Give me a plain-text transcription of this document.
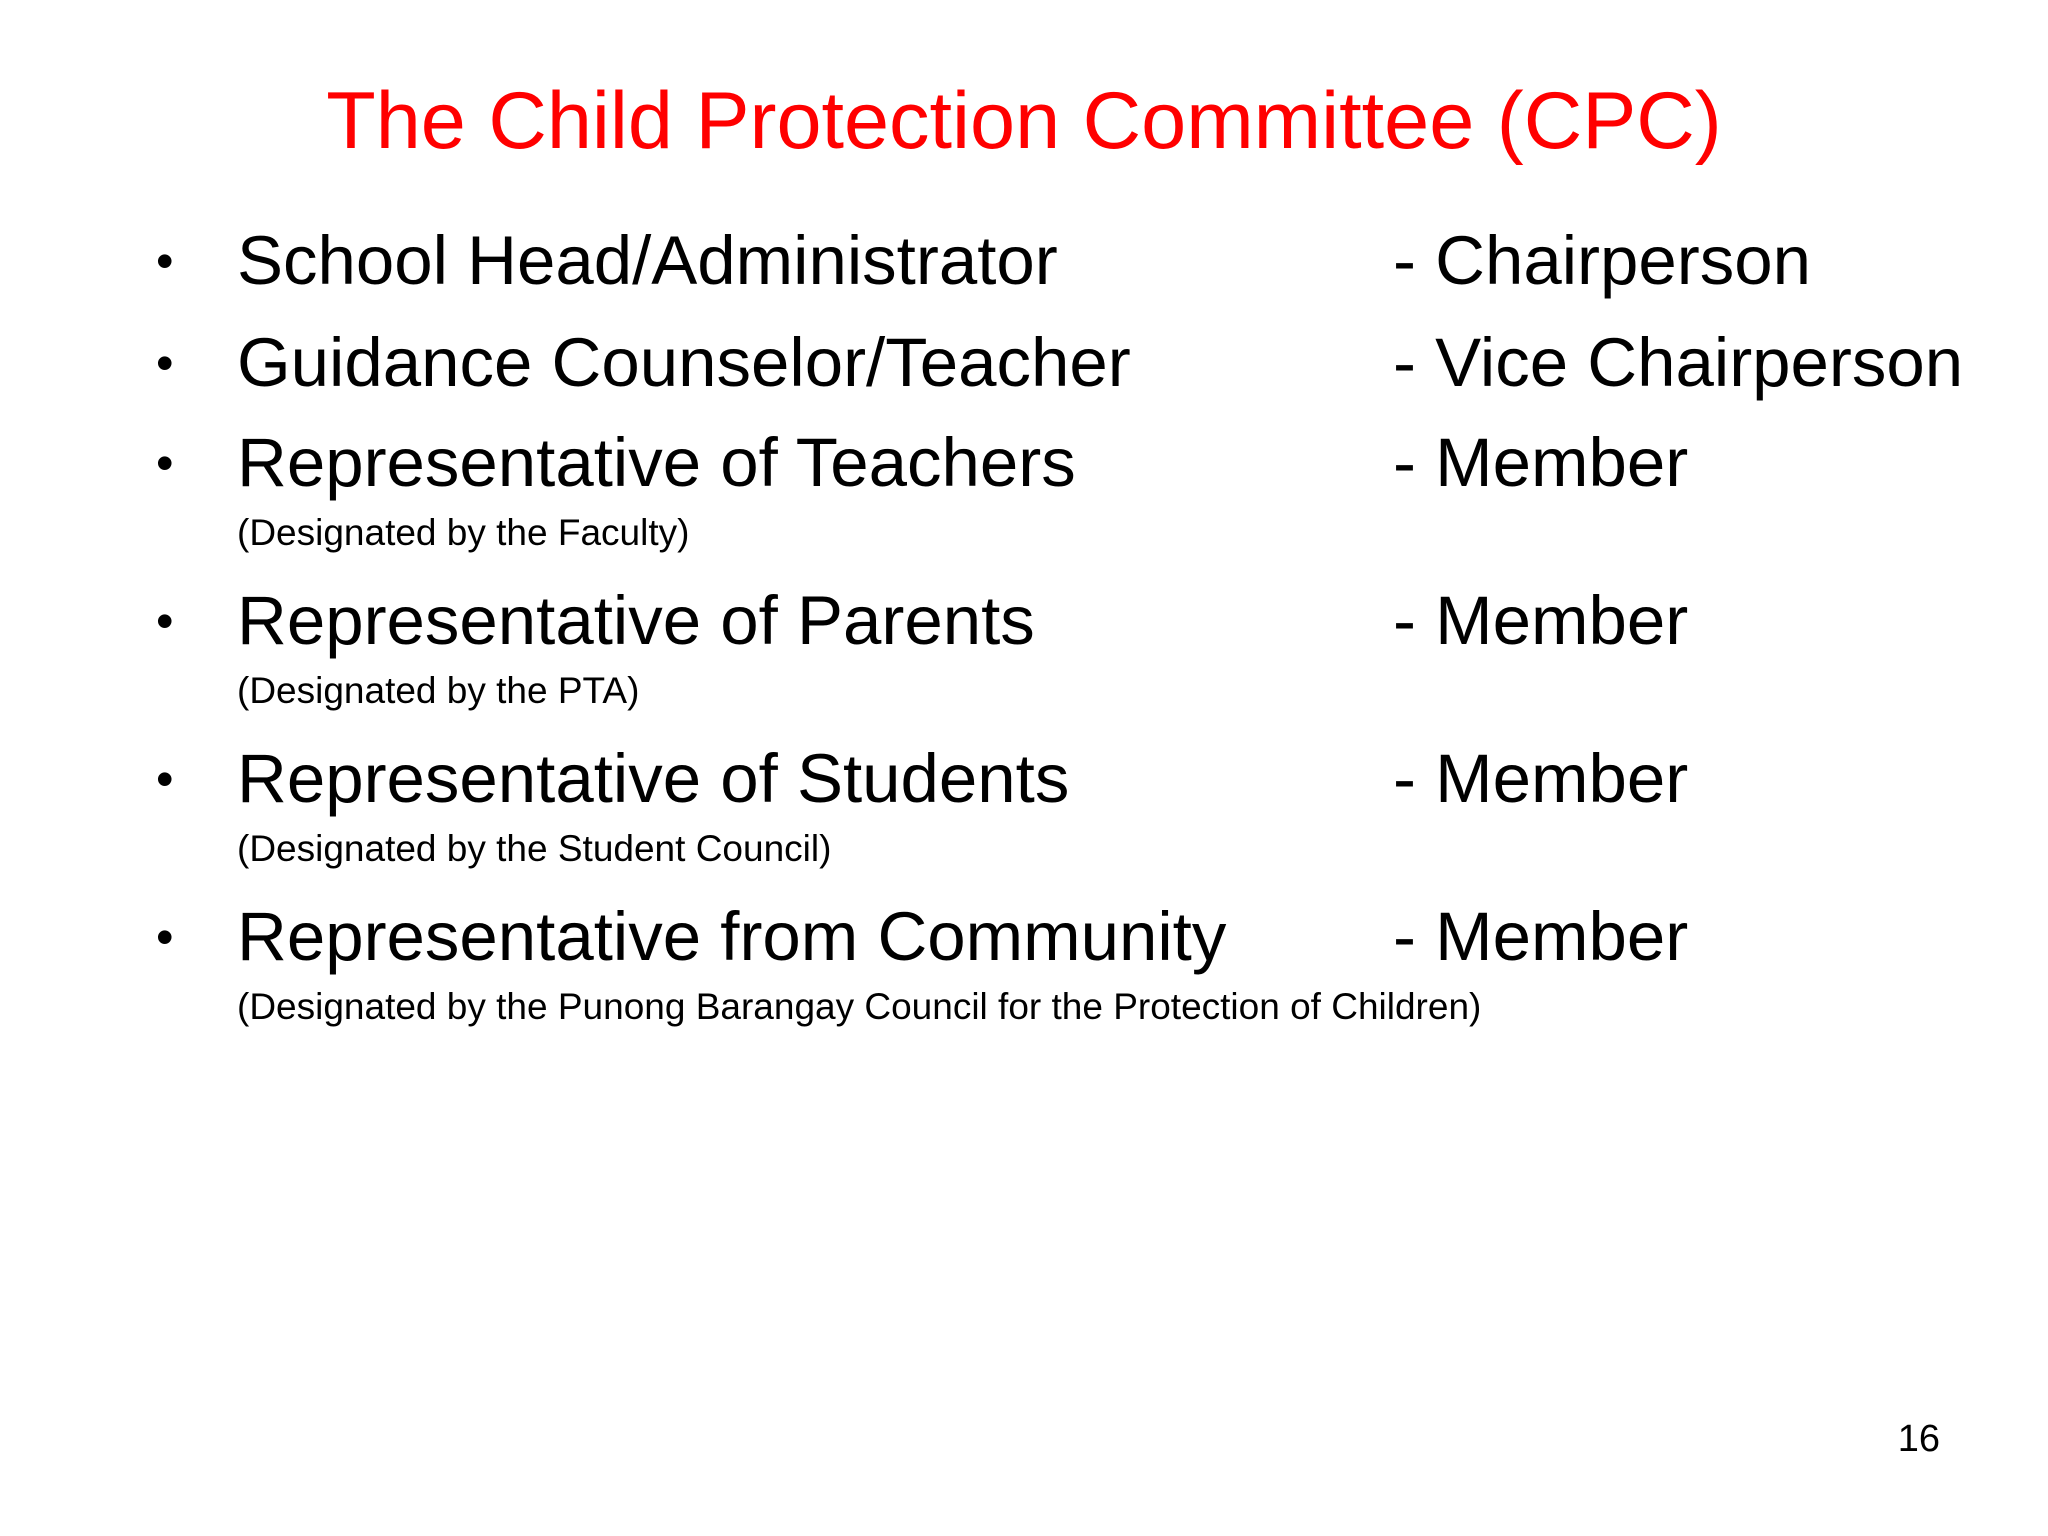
The Child Protection Committee (CPC)
• School Head/Administrator	- Chairperson
• Guidance Counselor/Teacher	- Vice Chairperson
• Representative of Teachers	- Member
(Designated by the Faculty)
• Representative of Parents	- Member
(Designated by the PTA)
• Representative of Students	- Member
(Designated by the Student Council)
• Representative from Community - Member
(Designated by the Punong Barangay Council for the Protection of Children)
16
